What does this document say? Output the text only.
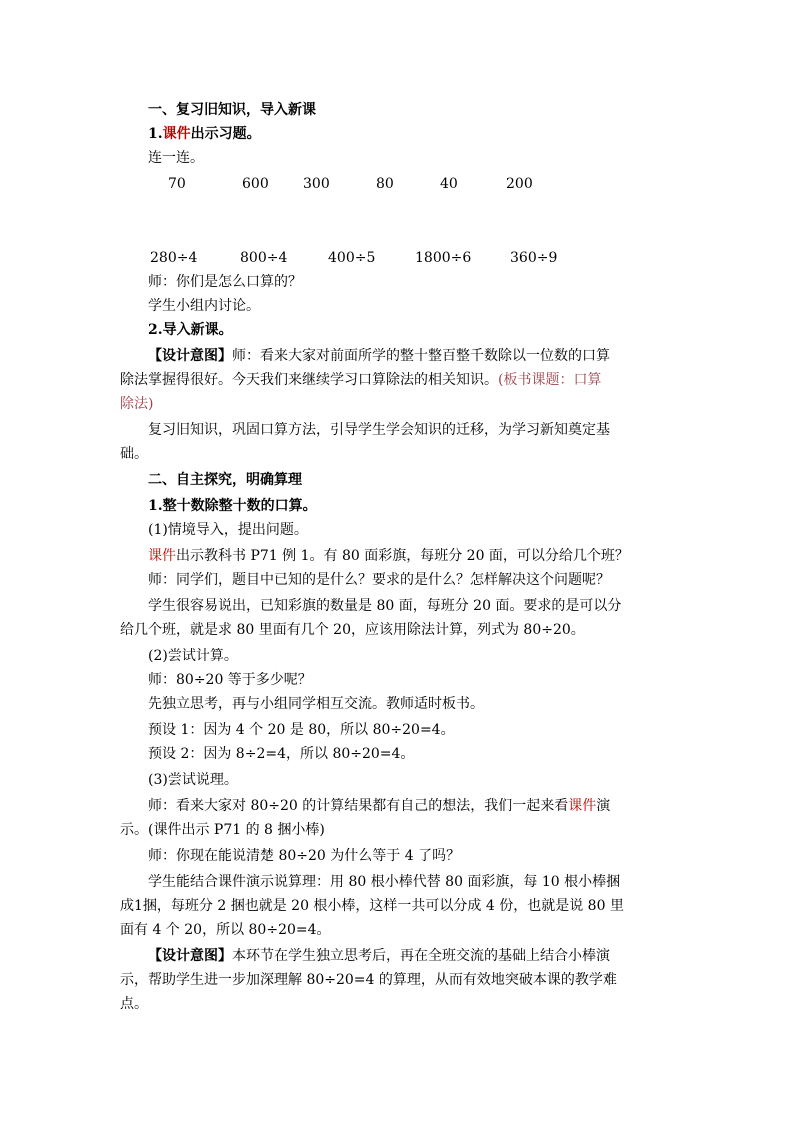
一、复习旧知识，导入新课
1.课件出示习题。
连一连。
70	600 300	80	40	200
280÷4	800÷4	400÷5	1800÷6	360÷9
师：你们是怎么口算的？
学生小组内讨论。
2.导入新课。
【设计意图】师：看来大家对前面所学的整十整百整千数除以一位数的口算
除法掌握得很好。今天我们来继续学习口算除法的相关知识。(板书课题：口算
除法)
复习旧知识，巩固口算方法，引导学生学会知识的迁移，为学习新知奠定基
础。
二、自主探究，明确算理
1.整十数除整十数的口算。
(1)情境导入，提出问题。
课件出示教科书 P71 例 1。有 80 面彩旗，每班分 20 面，可以分给几个班？
师：同学们，题目中已知的是什么？要求的是什么？怎样解决这个问题呢？
学生很容易说出，已知彩旗的数量是 80 面，每班分 20 面。要求的是可以分
给几个班，就是求 80 里面有几个 20，应该用除法计算，列式为 80÷20。
(2)尝试计算。
师：80÷20 等于多少呢？
先独立思考，再与小组同学相互交流。教师适时板书。
预设 1：因为 4 个 20 是 80，所以 80÷20=4。
预设 2：因为 8÷2=4，所以 80÷20=4。
(3)尝试说理。
师：看来大家对 80÷20 的计算结果都有自己的想法，我们一起来看课件演
示。(课件出示 P71 的 8 捆小棒)
师：你现在能说清楚 80÷20 为什么等于 4 了吗？
学生能结合课件演示说算理：用 80 根小棒代替 80 面彩旗，每 10 根小棒捆
成1捆，每班分 2 捆也就是 20 根小棒，这样一共可以分成 4 份，也就是说 80 里
面有 4 个 20，所以 80÷20=4。
【设计意图】本环节在学生独立思考后，再在全班交流的基础上结合小棒演
示，帮助学生进一步加深理解 80÷20=4 的算理，从而有效地突破本课的教学难
点。
